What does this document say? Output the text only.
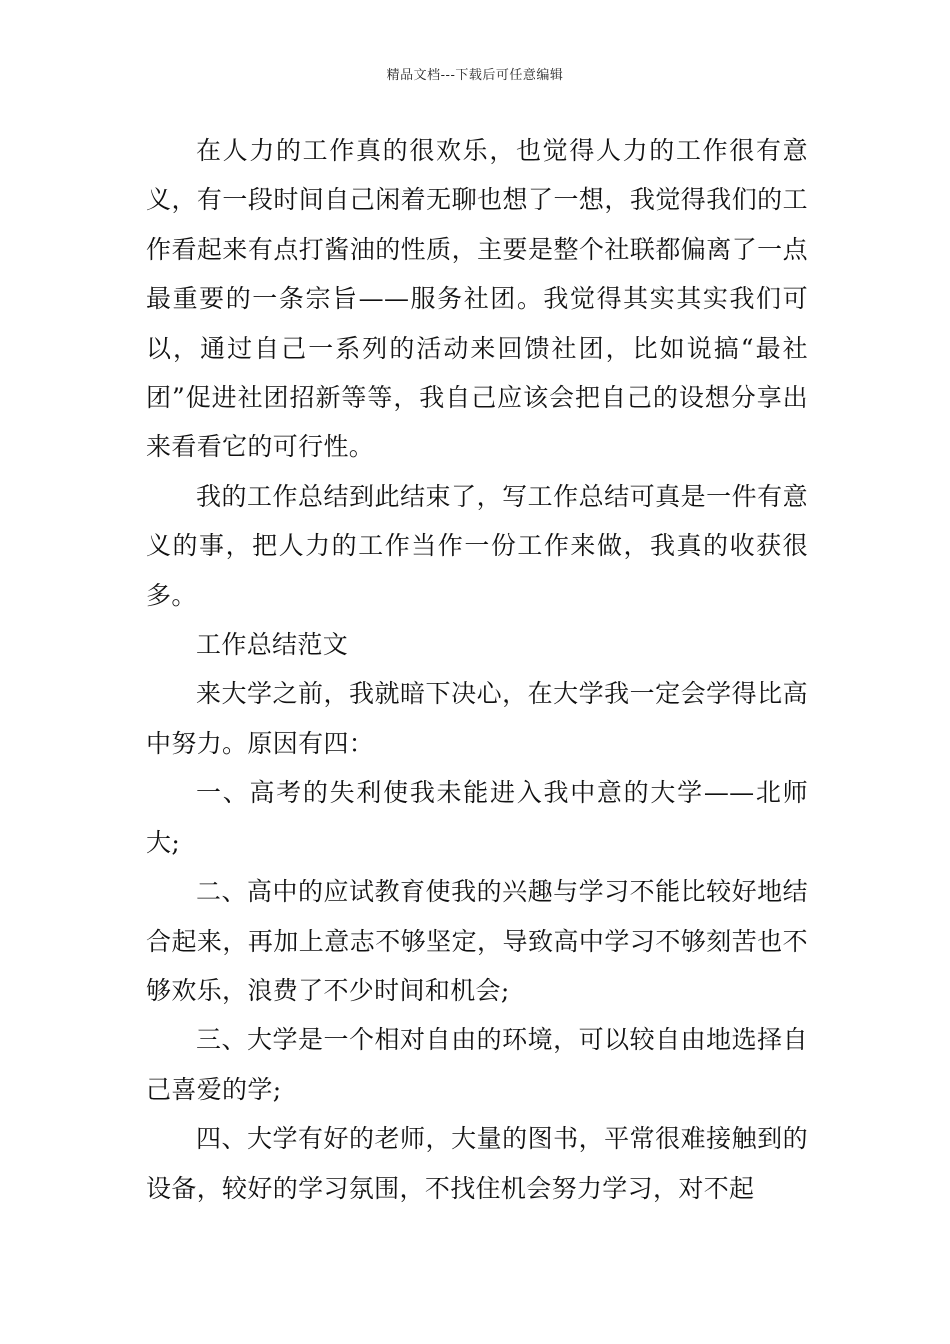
精品文档---下载后可任意编辑

在人力的工作真的很欢乐，也觉得人力的工作很有意义，有一段时间自己闲着无聊也想了一想，我觉得我们的工作看起来有点打酱油的性质，主要是整个社联都偏离了一点最重要的一条宗旨——服务社团。我觉得其实其实我们可以，通过自己一系列的活动来回馈社团，比如说搞“最社团”促进社团招新等等，我自己应该会把自己的设想分享出来看看它的可行性。

我的工作总结到此结束了，写工作总结可真是一件有意义的事，把人力的工作当作一份工作来做，我真的收获很多。

工作总结范文

来大学之前，我就暗下决心，在大学我一定会学得比高中努力。原因有四：

一、高考的失利使我未能进入我中意的大学——北师大;

二、高中的应试教育使我的兴趣与学习不能比较好地结合起来，再加上意志不够坚定，导致高中学习不够刻苦也不够欢乐，浪费了不少时间和机会;

三、大学是一个相对自由的环境，可以较自由地选择自己喜爱的学;

四、大学有好的老师，大量的图书，平常很难接触到的设备，较好的学习氛围，不找住机会努力学习，对不起
